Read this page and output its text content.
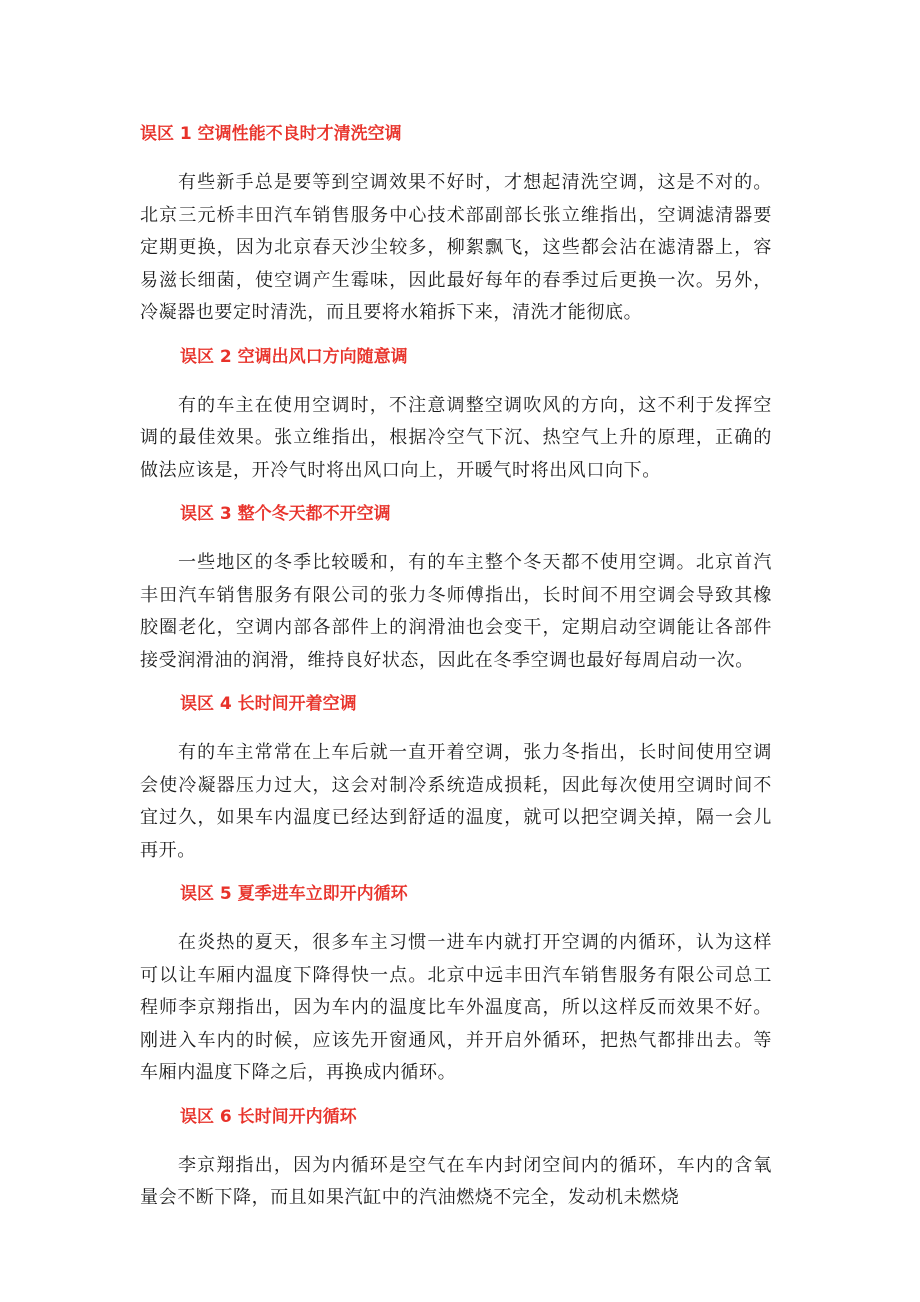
误区 1 空调性能不良时才清洗空调

有些新手总是要等到空调效果不好时，才想起清洗空调，这是不对的。北京三元桥丰田汽车销售服务中心技术部副部长张立维指出，空调滤清器要定期更换，因为北京春天沙尘较多，柳絮飘飞，这些都会沾在滤清器上，容易滋长细菌，使空调产生霉味，因此最好每年的春季过后更换一次。另外，冷凝器也要定时清洗，而且要将水箱拆下来，清洗才能彻底。

误区 2 空调出风口方向随意调

有的车主在使用空调时，不注意调整空调吹风的方向，这不利于发挥空调的最佳效果。张立维指出，根据冷空气下沉、热空气上升的原理，正确的做法应该是，开冷气时将出风口向上，开暖气时将出风口向下。

误区 3 整个冬天都不开空调

一些地区的冬季比较暖和，有的车主整个冬天都不使用空调。北京首汽丰田汽车销售服务有限公司的张力冬师傅指出，长时间不用空调会导致其橡胶圈老化，空调内部各部件上的润滑油也会变干，定期启动空调能让各部件接受润滑油的润滑，维持良好状态，因此在冬季空调也最好每周启动一次。

误区 4 长时间开着空调

有的车主常常在上车后就一直开着空调，张力冬指出，长时间使用空调会使冷凝器压力过大，这会对制冷系统造成损耗，因此每次使用空调时间不宜过久，如果车内温度已经达到舒适的温度，就可以把空调关掉，隔一会儿再开。

误区 5 夏季进车立即开内循环

在炎热的夏天，很多车主习惯一进车内就打开空调的内循环，认为这样可以让车厢内温度下降得快一点。北京中远丰田汽车销售服务有限公司总工程师李京翔指出，因为车内的温度比车外温度高，所以这样反而效果不好。刚进入车内的时候，应该先开窗通风，并开启外循环，把热气都排出去。等车厢内温度下降之后，再换成内循环。

误区 6 长时间开内循环

李京翔指出，因为内循环是空气在车内封闭空间内的循环，车内的含氧量会不断下降，而且如果汽缸中的汽油燃烧不完全，发动机未燃烧
